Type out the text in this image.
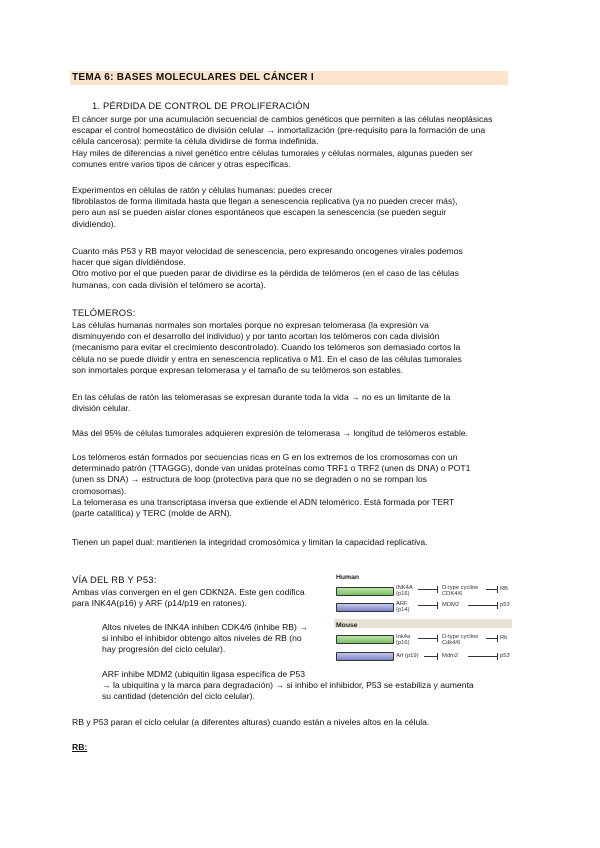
TEMA 6: BASES MOLECULARES DEL CÁNCER I
1. PÉRDIDA DE CONTROL DE PROLIFERACIÓN
El cáncer surge por una acumulación secuencial de cambios genéticos que permiten a las células neoplásicas
escapar el control homeostático de división celular → inmortalización (pre-requisito para la formación de una
célula cancerosa): permite la célula dividirse de forma indefinida.
Hay miles de diferencias a nivel genético entre células tumorales y células normales, algunas pueden ser
comunes entre varios tipos de cáncer y otras específicas.
Experimentos en células de ratón y células humanas: puedes crecer
fibroblastos de forma ilimitada hasta que llegan a senescencia replicativa (ya no pueden crecer más),
pero aun así se pueden aislar clones espontáneos que escapen la senescencia (se pueden seguir
dividiendo).
Cuanto más P53 y RB mayor velocidad de senescencia, pero expresando oncogenes virales podemos
hacer que sigan dividiéndose.
Otro motivo por el que pueden parar de dividirse es la pérdida de telómeros (en el caso de las células
humanas, con cada división el telómero se acorta).
TELÓMEROS:
Las células humanas normales son mortales porque no expresan telomerasa (la expresión va
disminuyendo con el desarrollo del individuo) y por tanto acortan los telómeros con cada división
(mecanismo para evitar el crecimiento descontrolado). Cuando los telómeros son demasiado cortos la
célula no se puede dividir y entra en senescencia replicativa o M1. En el caso de las células tumorales
son inmortales porque expresan telomerasa y el tamaño de su telómeros son estables.
En las células de ratón las telomerasas se expresan durante toda la vida → no es un limitante de la
división celular.
Más del 95% de células tumorales adquieren expresión de telomerasa → longitud de telómeros estable.
Los telómeros están formados por secuencias ricas en G en los extremos de los cromosomas con un
determinado patrón (TTAGGG), donde van unidas proteínas como TRF1 o TRF2 (unen ds DNA) o POT1
(unen ss DNA) → estructura de loop (protectiva para que no se degraden o no se rompan los
cromosomas).
La telomerasa es una transcriptasa inversa que extiende el ADN telomérico. Está formada por TERT
(parte catalítica) y TERC (molde de ARN).
Tienen un papel dual: mantienen la integridad cromosómica y limitan la capacidad replicativa.
VÍA DEL RB Y P53:
Ambas vías convergen en el gen CDKN2A. Este gen codifica
para INK4A(p16) y ARF (p14/p19 en ratones).
Altos niveles de INK4A inhiben CDK4/6 (inhibe RB) →
si inhibo el inhibidor obtengo altos niveles de RB (no
hay progresión del ciclo celular).
ARF inhibe MDM2 (ubiquitin ligasa específica de P53
→ la ubiquitina y la marca para degradación) → si inhibo el inhibidor, P53 se estabiliza y aumenta
su cantidad (detención del ciclo celular).
RB y P53 paran el ciclo celular (a diferentes alturas) cuando están a niveles altos en la célula.
RB:
Human
INK4A
(p16)
D-type cycline
CDK4/6
RB
ARF
(p14)
MDM2	p53
Mouse
Ink4a
(p16)
D-type cycline
Cdk4/6
Rb
Arf (p19)	Mdm2	p53
